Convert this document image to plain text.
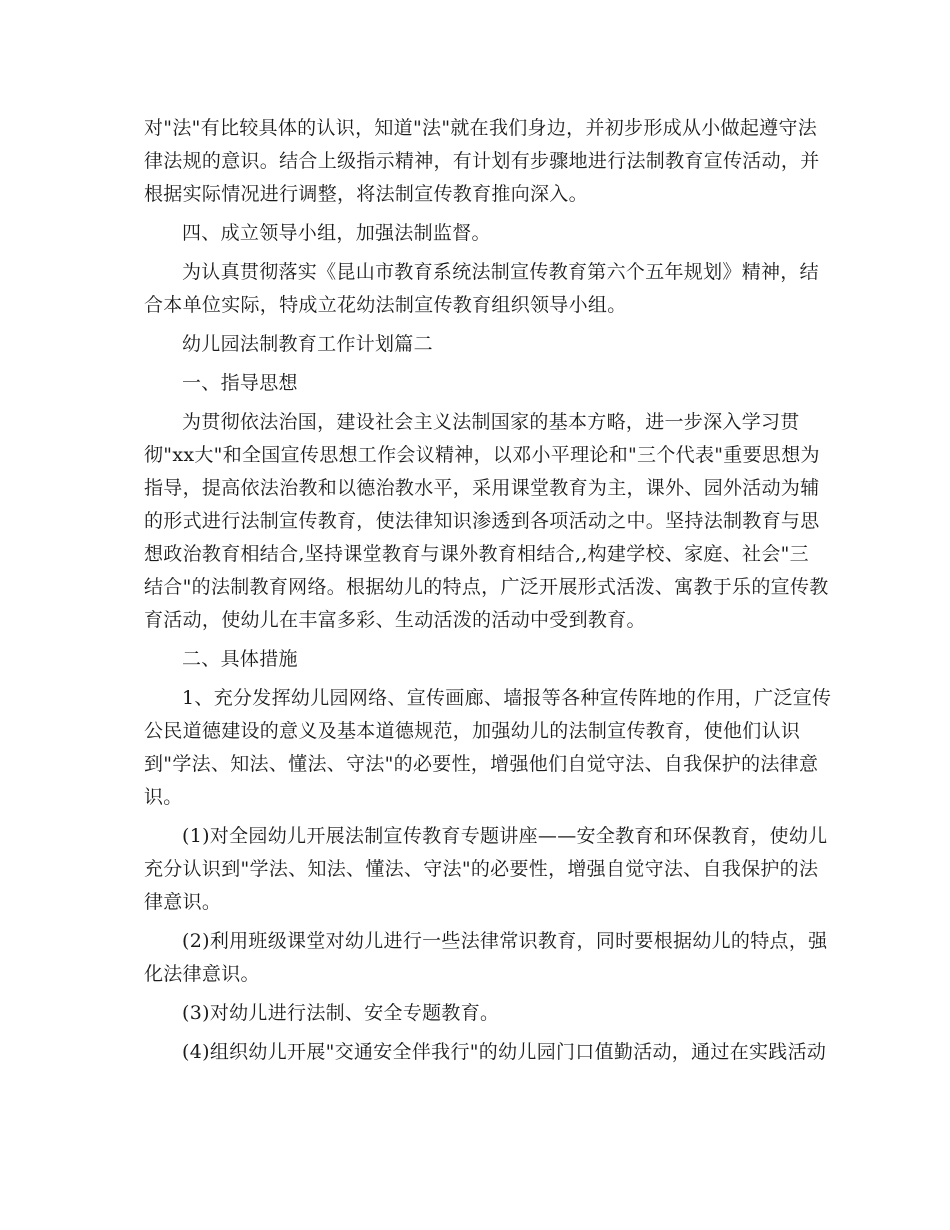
对"法"有比较具体的认识，知道"法"就在我们身边，并初步形成从小做起遵守法
律法规的意识。结合上级指示精神，有计划有步骤地进行法制教育宣传活动，并
根据实际情况进行调整，将法制宣传教育推向深入。
四、成立领导小组，加强法制监督。
为认真贯彻落实《昆山市教育系统法制宣传教育第六个五年规划》精神，结
合本单位实际，特成立花幼法制宣传教育组织领导小组。
幼儿园法制教育工作计划篇二
一、指导思想
为贯彻依法治国，建设社会主义法制国家的基本方略，进一步深入学习贯
彻"xx大"和全国宣传思想工作会议精神，以邓小平理论和"三个代表"重要思想为
指导，提高依法治教和以德治教水平，采用课堂教育为主，课外、园外活动为辅
的形式进行法制宣传教育，使法律知识渗透到各项活动之中。坚持法制教育与思
想政治教育相结合,坚持课堂教育与课外教育相结合,,构建学校、家庭、社会"三
结合"的法制教育网络。根据幼儿的特点，广泛开展形式活泼、寓教于乐的宣传教
育活动，使幼儿在丰富多彩、生动活泼的活动中受到教育。
二、具体措施
1、充分发挥幼儿园网络、宣传画廊、墙报等各种宣传阵地的作用，广泛宣传
公民道德建设的意义及基本道德规范，加强幼儿的法制宣传教育，使他们认识
到"学法、知法、懂法、守法"的必要性，增强他们自觉守法、自我保护的法律意
识。
(1)对全园幼儿开展法制宣传教育专题讲座——安全教育和环保教育，使幼儿
充分认识到"学法、知法、懂法、守法"的必要性，增强自觉守法、自我保护的法
律意识。
(2)利用班级课堂对幼儿进行一些法律常识教育，同时要根据幼儿的特点，强
化法律意识。
(3)对幼儿进行法制、安全专题教育。
(4)组织幼儿开展"交通安全伴我行"的幼儿园门口值勤活动，通过在实践活动
